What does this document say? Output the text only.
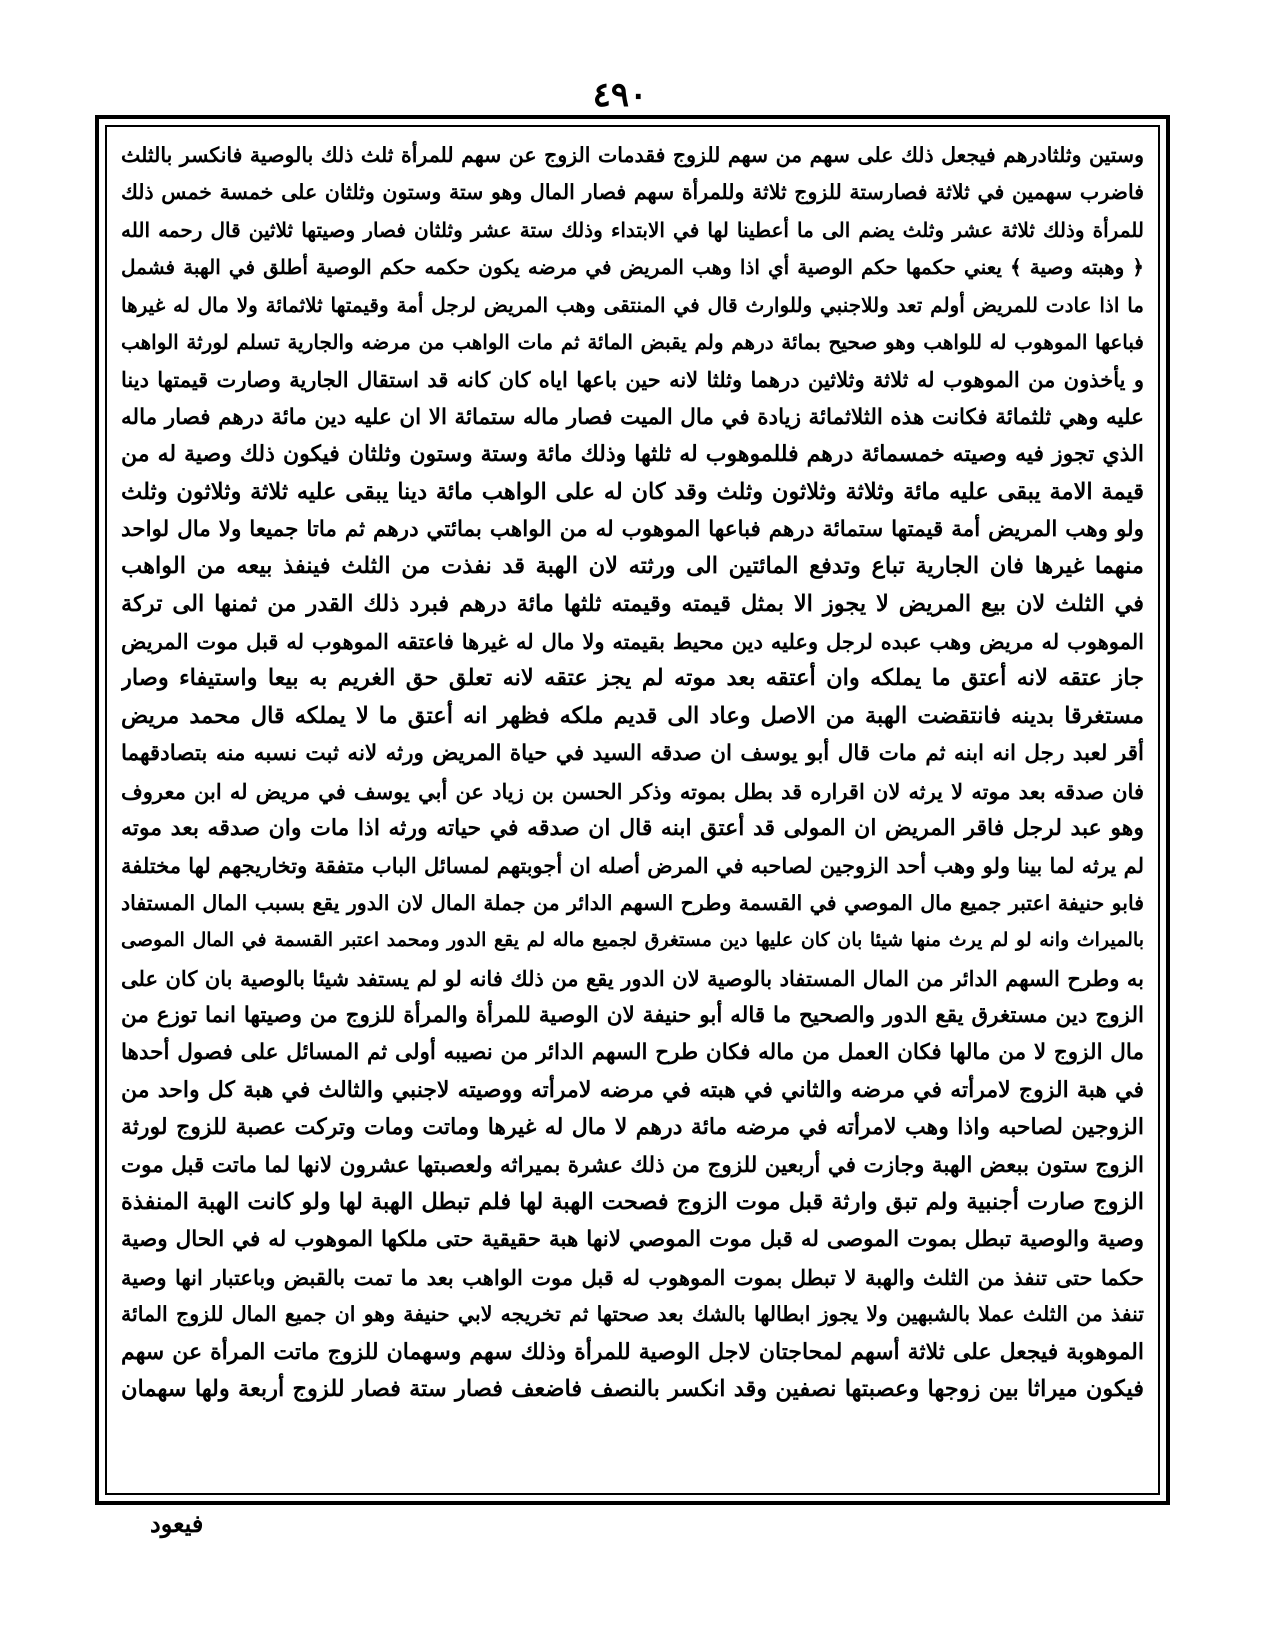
٤٩٠
وستين وثلثادرهم فيجعل ذلك على سهم من سهم للزوج فقدمات الزوج عن سهم للمرأة ثلث ذلك بالوصية فانكسر بالثلث
فاضرب سهمين في ثلاثة فصارستة للزوج ثلاثة وللمرأة سهم فصار المال وهو ستة وستون وثلثان على خمسة خمس ذلك
للمرأة وذلك ثلاثة عشر وثلث يضم الى ما أعطينا لها في الابتداء وذلك ستة عشر وثلثان فصار وصيتها ثلاثين قال رحمه الله
﴿ وهبته وصية ﴾ يعني حكمها حكم الوصية أي اذا وهب المريض في مرضه يكون حكمه حكم الوصية أطلق في الهبة فشمل
ما اذا عادت للمريض أولم تعد وللاجنبي وللوارث قال في المنتقى وهب المريض لرجل أمة وقيمتها ثلاثمائة ولا مال له غيرها
فباعها الموهوب له للواهب وهو صحيح بمائة درهم ولم يقبض المائة ثم مات الواهب من مرضه والجارية تسلم لورثة الواهب
و يأخذون من الموهوب له ثلاثة وثلاثين درهما وثلثا لانه حين باعها اياه كان كانه قد استقال الجارية وصارت قيمتها دينا
عليه وهي ثلثمائة فكانت هذه الثلاثمائة زيادة في مال الميت فصار ماله ستمائة الا ان عليه دين مائة درهم فصار ماله
الذي تجوز فيه وصيته خمسمائة درهم فللموهوب له ثلثها وذلك مائة وستة وستون وثلثان فيكون ذلك وصية له من
قيمة الامة يبقى عليه مائة وثلاثة وثلاثون وثلث وقد كان له على الواهب مائة دينا يبقى عليه ثلاثة وثلاثون وثلث
ولو وهب المريض أمة قيمتها ستمائة درهم فباعها الموهوب له من الواهب بمائتي درهم ثم ماتا جميعا ولا مال لواحد
منهما غيرها فان الجارية تباع وتدفع المائتين الى ورثته لان الهبة قد نفذت من الثلث فينفذ بيعه من الواهب
في الثلث لان بيع المريض لا يجوز الا بمثل قيمته وقيمته ثلثها مائة درهم فبرد ذلك القدر من ثمنها الى تركة
الموهوب له مريض وهب عبده لرجل وعليه دين محيط بقيمته ولا مال له غيرها فاعتقه الموهوب له قبل موت المريض
جاز عتقه لانه أعتق ما يملكه وان أعتقه بعد موته لم يجز عتقه لانه تعلق حق الغريم به بيعا واستيفاء وصار
مستغرقا بدينه فانتقضت الهبة من الاصل وعاد الى قديم ملكه فظهر انه أعتق ما لا يملكه قال محمد مريض
أقر لعبد رجل انه ابنه ثم مات قال أبو يوسف ان صدقه السيد في حياة المريض ورثه لانه ثبت نسبه منه بتصادقهما
فان صدقه بعد موته لا يرثه لان اقراره قد بطل بموته وذكر الحسن بن زياد عن أبي يوسف في مريض له ابن معروف
وهو عبد لرجل فاقر المريض ان المولى قد أعتق ابنه قال ان صدقه في حياته ورثه اذا مات وان صدقه بعد موته
لم يرثه لما بينا ولو وهب أحد الزوجين لصاحبه في المرض أصله ان أجوبتهم لمسائل الباب متفقة وتخاريجهم لها مختلفة
فابو حنيفة اعتبر جميع مال الموصي في القسمة وطرح السهم الدائر من جملة المال لان الدور يقع بسبب المال المستفاد
بالميراث وانه لو لم يرث منها شيئا بان كان عليها دين مستغرق لجميع ماله لم يقع الدور ومحمد اعتبر القسمة في المال الموصى
به وطرح السهم الدائر من المال المستفاد بالوصية لان الدور يقع من ذلك فانه لو لم يستفد شيئا بالوصية بان كان على
الزوج دين مستغرق يقع الدور والصحيح ما قاله أبو حنيفة لان الوصية للمرأة والمرأة للزوج من وصيتها انما توزع من
مال الزوج لا من مالها فكان العمل من ماله فكان طرح السهم الدائر من نصيبه أولى ثم المسائل على فصول أحدها
في هبة الزوج لامرأته في مرضه والثاني في هبته في مرضه لامرأته ووصيته لاجنبي والثالث في هبة كل واحد من
الزوجين لصاحبه واذا وهب لامرأته في مرضه مائة درهم لا مال له غيرها وماتت ومات وتركت عصبة للزوج لورثة
الزوج ستون ببعض الهبة وجازت في أربعين للزوج من ذلك عشرة بميراثه ولعصبتها عشرون لانها لما ماتت قبل موت
الزوج صارت أجنبية ولم تبق وارثة قبل موت الزوج فصحت الهبة لها فلم تبطل الهبة لها ولو كانت الهبة المنفذة
وصية والوصية تبطل بموت الموصى له قبل موت الموصي لانها هبة حقيقية حتى ملكها الموهوب له في الحال وصية
حكما حتى تنفذ من الثلث والهبة لا تبطل بموت الموهوب له قبل موت الواهب بعد ما تمت بالقبض وباعتبار انها وصية
تنفذ من الثلث عملا بالشبهين ولا يجوز ابطالها بالشك بعد صحتها ثم تخريجه لابي حنيفة وهو ان جميع المال للزوج المائة
الموهوبة فيجعل على ثلاثة أسهم لمحاجتان لاجل الوصية للمرأة وذلك سهم وسهمان للزوج ماتت المرأة عن سهم
فيكون ميراثا بين زوجها وعصبتها نصفين وقد انكسر بالنصف فاضعف فصار ستة فصار للزوج أربعة ولها سهمان
فيعود
